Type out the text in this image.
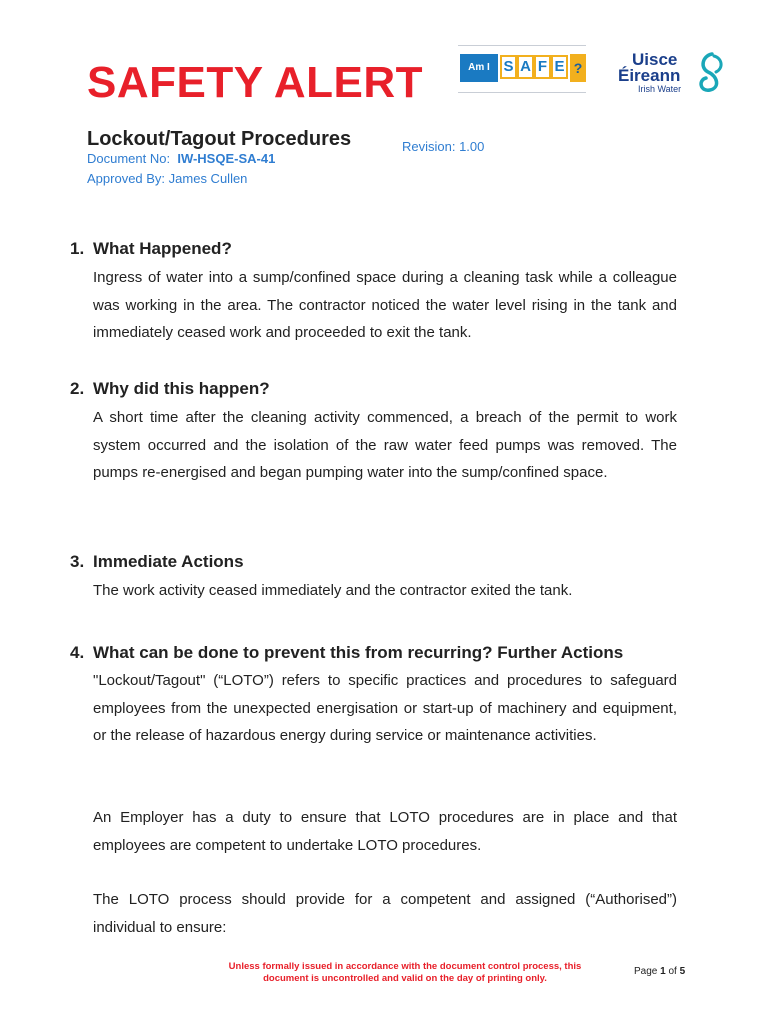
SAFETY ALERT	Am I S A F E ?	Uisce
Éireann
Irish Water
Lockout/Tagout Procedures	Revision: 1.00
Document No: IW-HSQE-SA-41
Approved By: James Cullen
1. What Happened?
Ingress of water into a sump/confined space during a cleaning task while a colleague was working in the area. The contractor noticed the water level rising in the tank and immediately ceased work and proceeded to exit the tank.
2. Why did this happen?
A short time after the cleaning activity commenced, a breach of the permit to work system occurred and the isolation of the raw water feed pumps was removed. The pumps re-energised and began pumping water into the sump/confined space.
3. Immediate Actions
The work activity ceased immediately and the contractor exited the tank.
4. What can be done to prevent this from recurring? Further Actions
"Lockout/Tagout" (“LOTO”) refers to specific practices and procedures to safeguard employees from the unexpected energisation or start-up of machinery and equipment, or the release of hazardous energy during service or maintenance activities.
An Employer has a duty to ensure that LOTO procedures are in place and that employees are competent to undertake LOTO procedures.
The LOTO process should provide for a competent and assigned (“Authorised”) individual to ensure:
Unless formally issued in accordance with the document control process, this
document is uncontrolled and valid on the day of printing only.
Page 1 of 5
